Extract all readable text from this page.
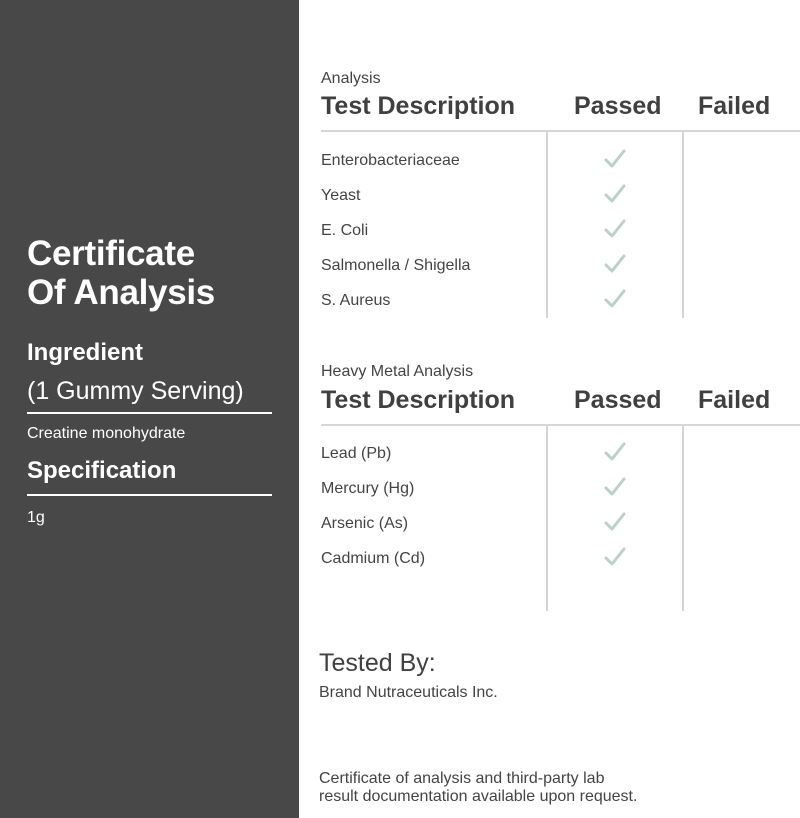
Certificate
Of Analysis
Ingredient
(1 Gummy Serving)
Creatine monohydrate
Specification
1g
Analysis
Test Description Passed Failed
Enterobacteriaceae
Yeast
E. Coli
Salmonella / Shigella
S. Aureus
Heavy Metal Analysis
Test Description Passed Failed
Lead (Pb)
Mercury (Hg)
Arsenic (As)
Cadmium (Cd)
Tested By:
Brand Nutraceuticals Inc.
Certificate of analysis and third-party lab
result documentation available upon request.
